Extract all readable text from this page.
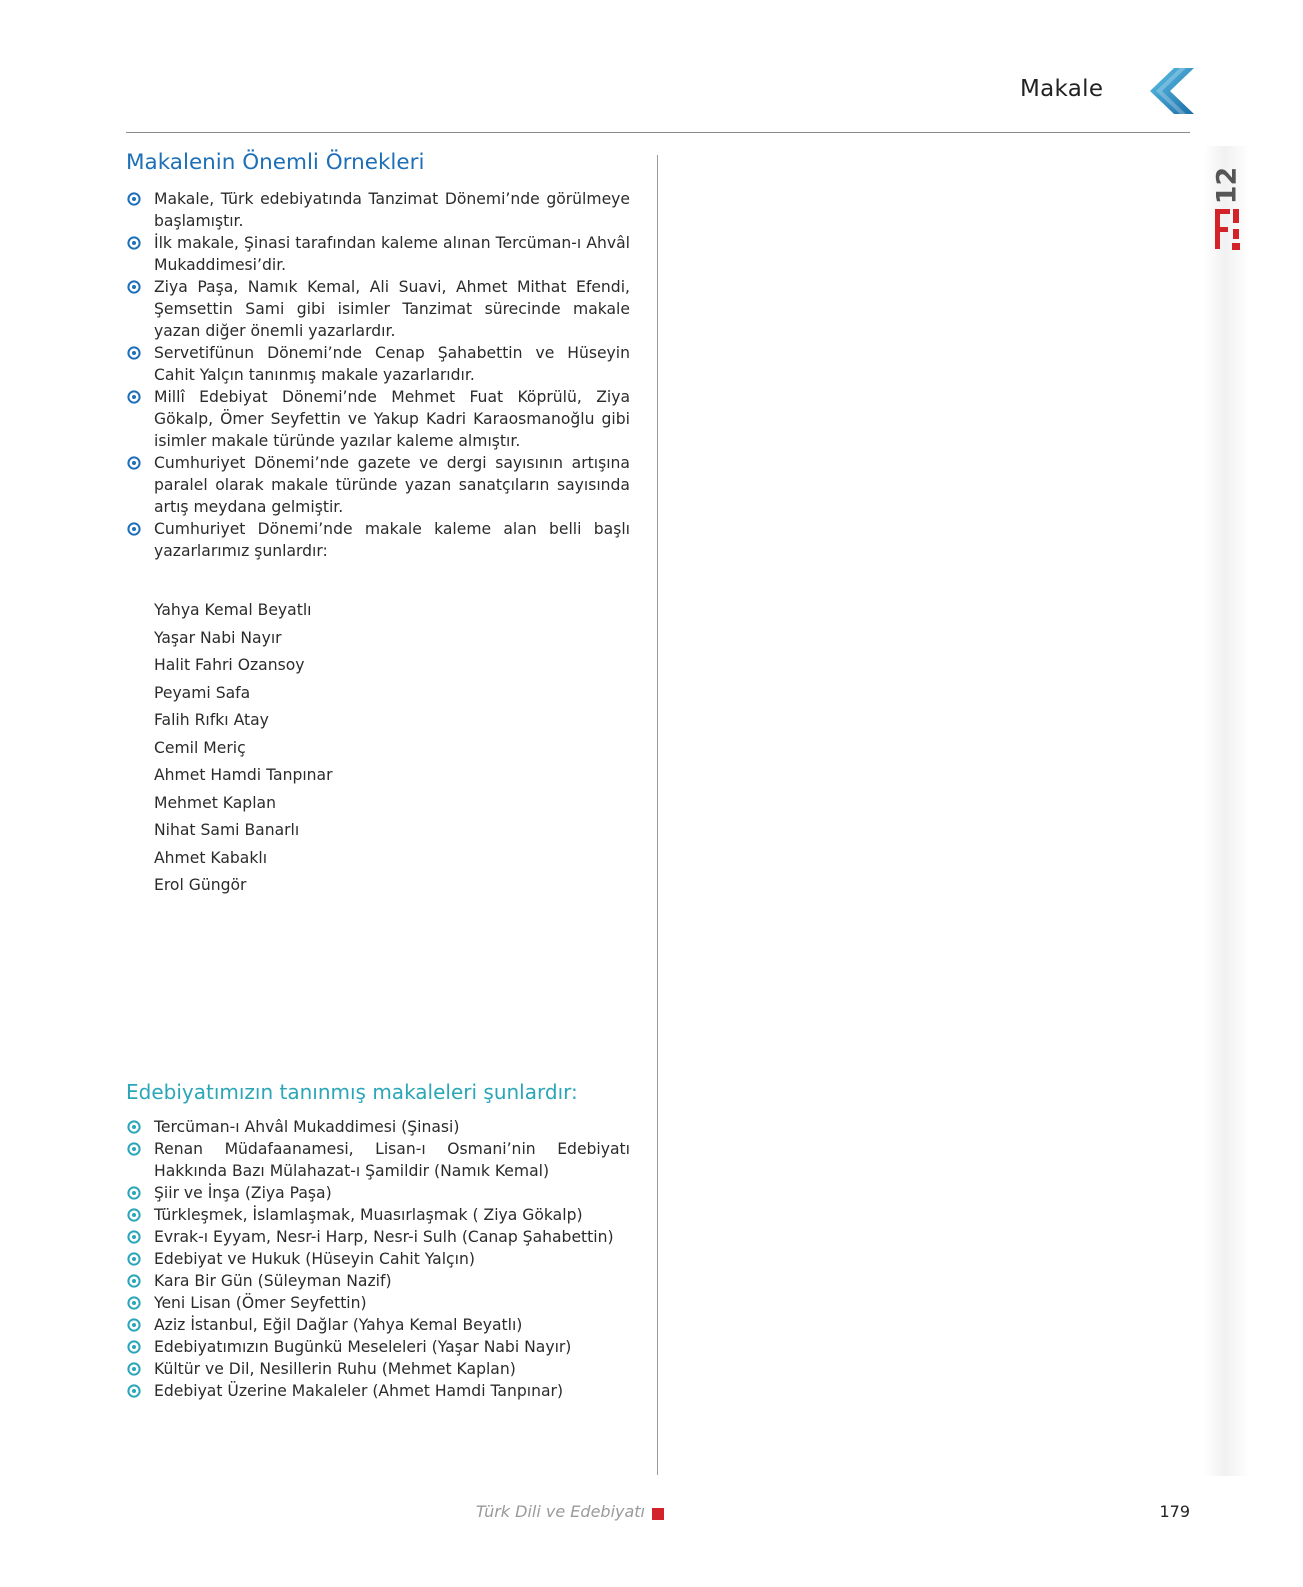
Makale
12
Makalenin Önemli Örnekleri
Makale, Türk edebiyatında Tanzimat Dönemi’nde görülmeye başlamıştır.
İlk makale, Şinasi tarafından kaleme alınan Tercüman-ı Ahvâl Mukaddimesi’dir.
Ziya Paşa, Namık Kemal, Ali Suavi, Ahmet Mithat Efendi, Şemsettin Sami gibi isimler Tanzimat sürecinde makale yazan diğer önemli yazarlardır.
Servetifünun Dönemi’nde Cenap Şahabettin ve Hüseyin Cahit Yalçın tanınmış makale yazarlarıdır.
Millî Edebiyat Dönemi’nde Mehmet Fuat Köprülü, Ziya Gökalp, Ömer Seyfettin ve Yakup Kadri Karaosmanoğlu gibi isimler makale türünde yazılar kaleme almıştır.
Cumhuriyet Dönemi’nde gazete ve dergi sayısının artışına paralel olarak makale türünde yazan sanatçıların sayısında artış meydana gelmiştir.
Cumhuriyet Dönemi’nde makale kaleme alan belli başlı yazarlarımız şunlardır:
Yahya Kemal Beyatlı
Yaşar Nabi Nayır
Halit Fahri Ozansoy
Peyami Safa
Falih Rıfkı Atay
Cemil Meriç
Ahmet Hamdi Tanpınar
Mehmet Kaplan
Nihat Sami Banarlı
Ahmet Kabaklı
Erol Güngör
Edebiyatımızın tanınmış makaleleri şunlardır:
Tercüman-ı Ahvâl Mukaddimesi (Şinasi)
Renan Müdafaanamesi, Lisan-ı Osmani’nin Edebiyatı Hakkında Bazı Mülahazat-ı Şamildir (Namık Kemal)
Şiir ve İnşa (Ziya Paşa)
Türkleşmek, İslamlaşmak, Muasırlaşmak ( Ziya Gökalp)
Evrak-ı Eyyam, Nesr-i Harp, Nesr-i Sulh (Canap Şahabettin)
Edebiyat ve Hukuk (Hüseyin Cahit Yalçın)
Kara Bir Gün (Süleyman Nazif)
Yeni Lisan (Ömer Seyfettin)
Aziz İstanbul, Eğil Dağlar (Yahya Kemal Beyatlı)
Edebiyatımızın Bugünkü Meseleleri (Yaşar Nabi Nayır)
Kültür ve Dil, Nesillerin Ruhu (Mehmet Kaplan)
Edebiyat Üzerine Makaleler (Ahmet Hamdi Tanpınar)
Türk Dili ve Edebiyatı	179
